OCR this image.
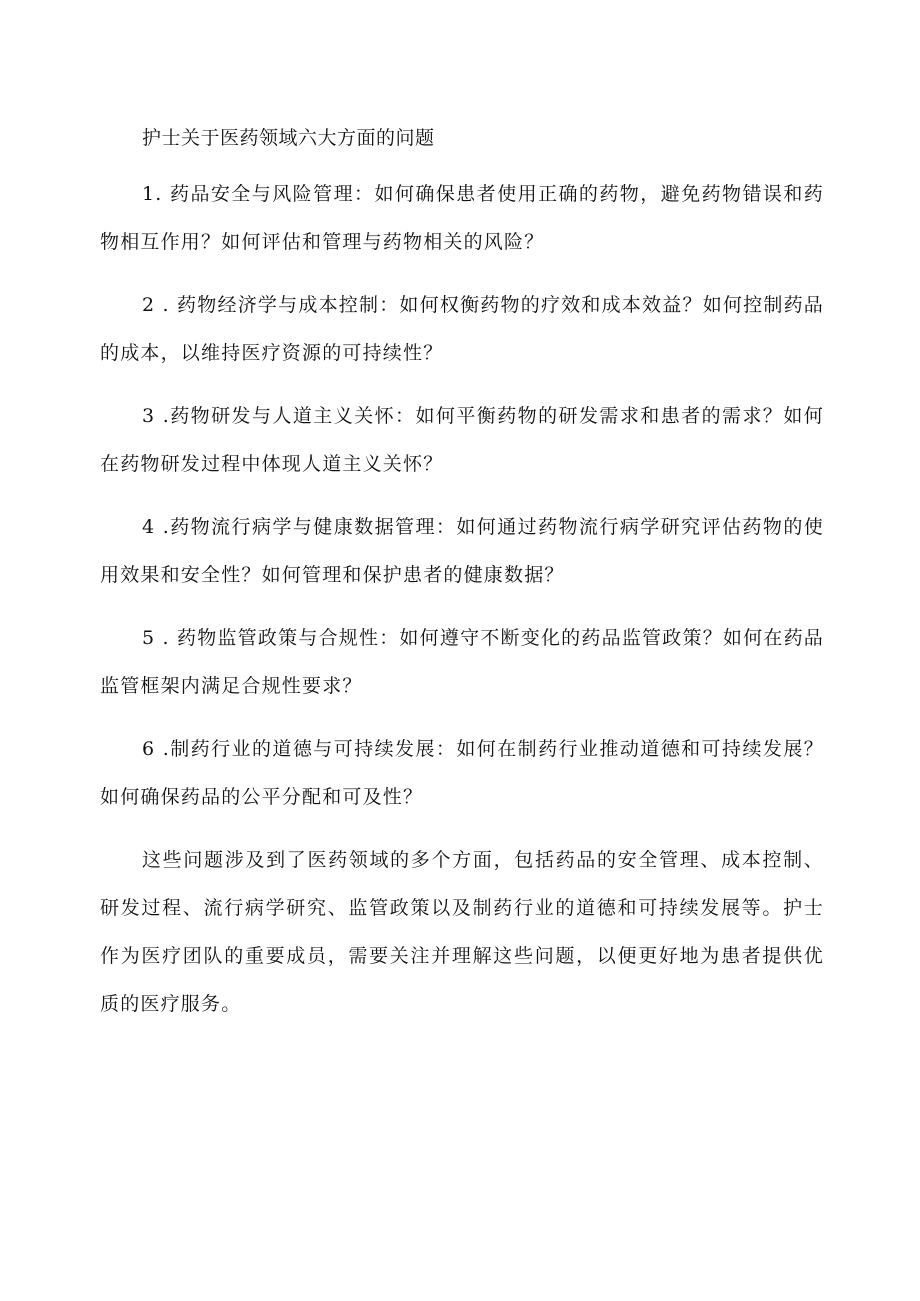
护士关于医药领域六大方面的问题

1. 药品安全与风险管理：如何确保患者使用正确的药物，避免药物错误和药物相互作用？如何评估和管理与药物相关的风险？

2 . 药物经济学与成本控制：如何权衡药物的疗效和成本效益？如何控制药品的成本，以维持医疗资源的可持续性？

3 .药物研发与人道主义关怀：如何平衡药物的研发需求和患者的需求？如何在药物研发过程中体现人道主义关怀？

4 .药物流行病学与健康数据管理：如何通过药物流行病学研究评估药物的使用效果和安全性？如何管理和保护患者的健康数据？

5 . 药物监管政策与合规性：如何遵守不断变化的药品监管政策？如何在药品监管框架内满足合规性要求？

6 .制药行业的道德与可持续发展：如何在制药行业推动道德和可持续发展？如何确保药品的公平分配和可及性？

这些问题涉及到了医药领域的多个方面，包括药品的安全管理、成本控制、研发过程、流行病学研究、监管政策以及制药行业的道德和可持续发展等。护士作为医疗团队的重要成员，需要关注并理解这些问题，以便更好地为患者提供优质的医疗服务。
